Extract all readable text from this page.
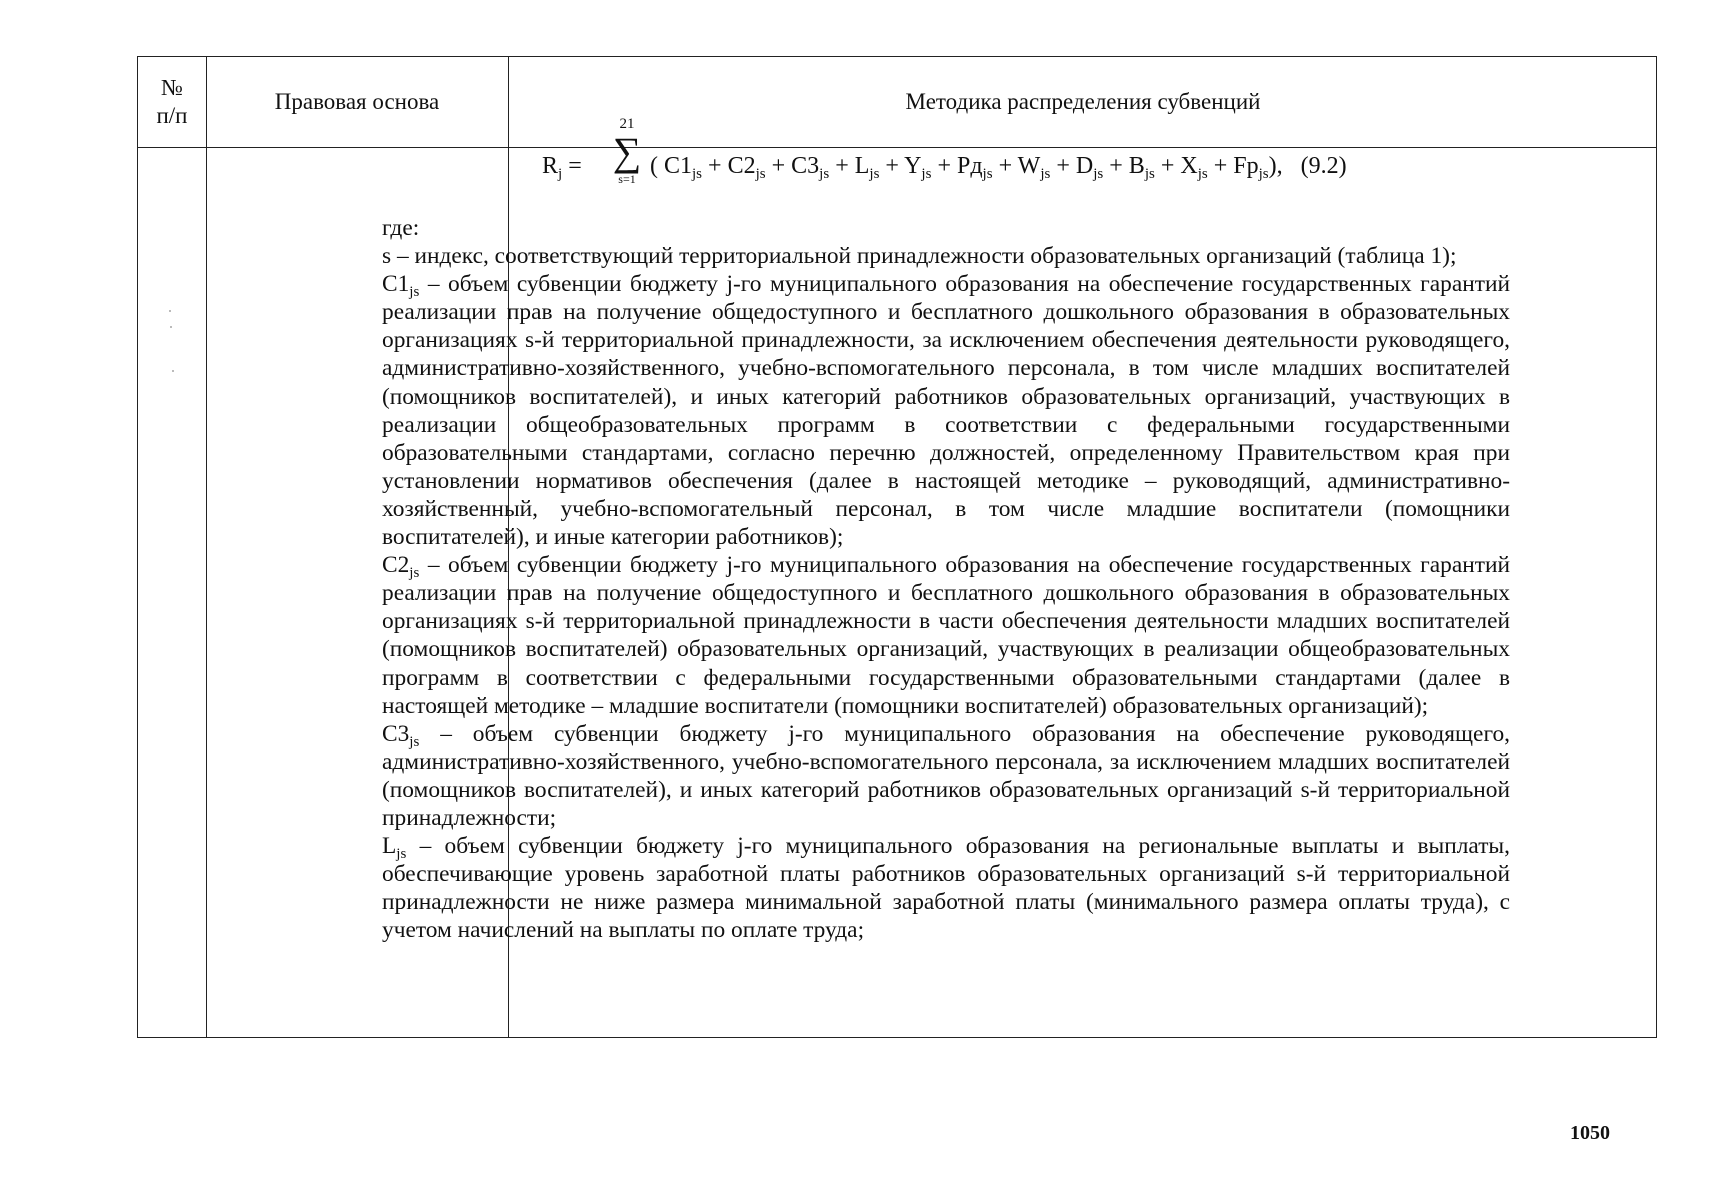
№
п/п
Правовая основа	Методика распределения субвенций
$R_j$ =
21
∑
s=1 ( $C1_{js} + C2_{js} + C3_{js} + L_{js} + Y_{js} + Pд_{js} + W_{js} + D_{js} + B_{js} + X_{js} + Fp_{js}$),   (9.2)
где:
s – индекс, соответствующий территориальной принадлежности образовательных организаций (таблица 1);
$C1_{js}$ – объем субвенции бюджету j-го муниципального образования на обеспечение государственных гарантий реализации прав на получение общедоступного и бесплатного дошкольного образования в образовательных организациях s-й территориальной принадлежности, за исключением обеспечения деятельности руководящего, административно-хозяйственного, учебно-вспомогательного персонала, в том числе младших воспитателей (помощников воспитателей), и иных категорий работников образовательных организаций, участвующих в реализации общеобразовательных программ в соответствии с федеральными государственными образовательными стандартами, согласно перечню должностей, определенному Правительством края при установлении нормативов обеспечения (далее в настоящей методике – руководящий, административно-хозяйственный, учебно-вспомогательный персонал, в том числе младшие воспитатели (помощники воспитателей), и иные категории работников);
$C2_{js}$ – объем субвенции бюджету j-го муниципального образования на обеспечение государственных гарантий реализации прав на получение общедоступного и бесплатного дошкольного образования в образовательных организациях s-й территориальной принадлежности в части обеспечения деятельности младших воспитателей (помощников воспитателей) образовательных организаций, участвующих в реализации общеобразовательных программ в соответствии с федеральными государственными образовательными стандартами (далее в настоящей методике – младшие воспитатели (помощники воспитателей) образовательных организаций);
$C3_{js}$ – объем субвенции бюджету j-го муниципального образования на обеспечение руководящего, административно-хозяйственного, учебно-вспомогательного персонала, за исключением младших воспитателей (помощников воспитателей), и иных категорий работников образовательных организаций s-й территориальной принадлежности;
$L_{js}$ – объем субвенции бюджету j-го муниципального образования на региональные выплаты и выплаты, обеспечивающие уровень заработной платы работников образовательных организаций s-й территориальной принадлежности не ниже размера минимальной заработной платы (минимального размера оплаты труда), с учетом начислений на выплаты по оплате труда;
1050
